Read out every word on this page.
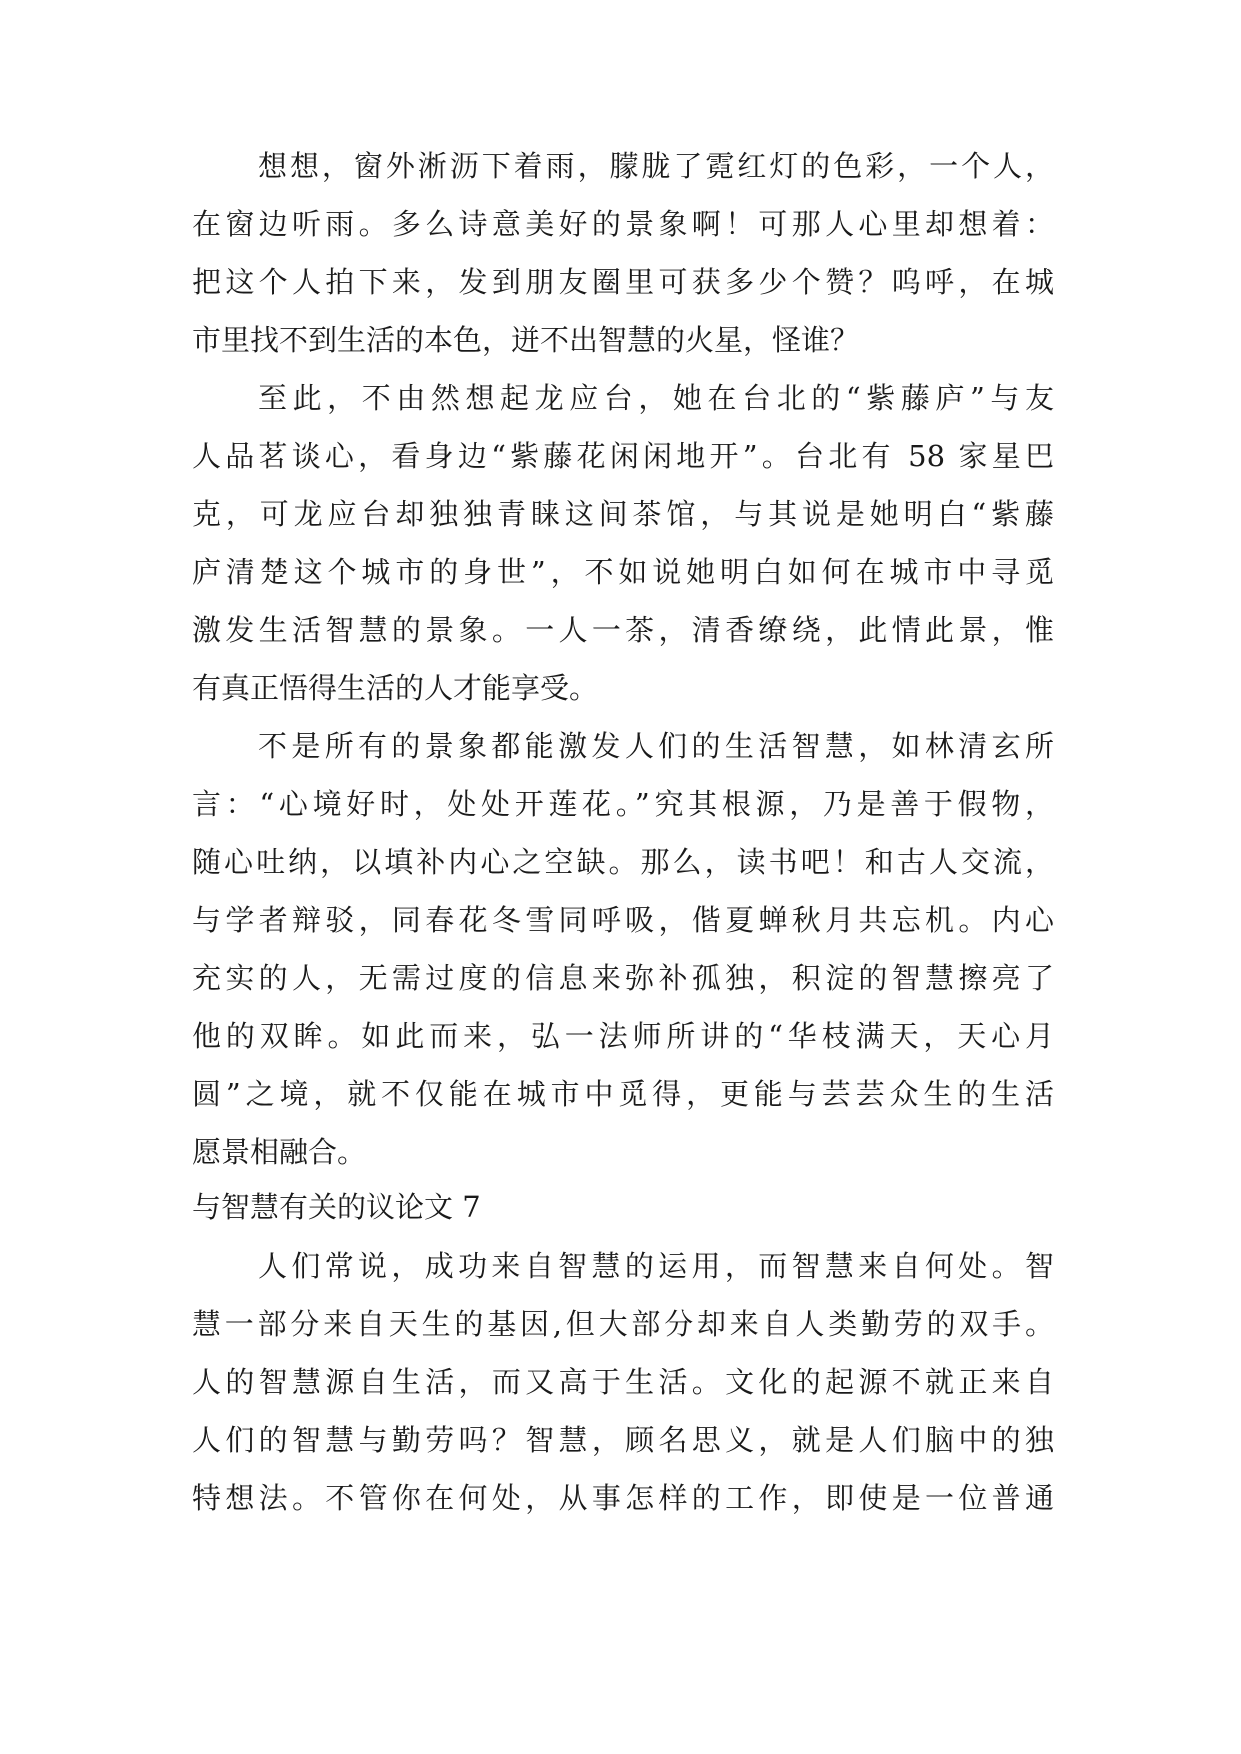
想想，窗外淅沥下着雨，朦胧了霓红灯的色彩，一个人，
在窗边听雨。多么诗意美好的景象啊！可那人心里却想着：
把这个人拍下来，发到朋友圈里可获多少个赞？呜呼，在城
市里找不到生活的本色，迸不出智慧的火星，怪谁？
至此，不由然想起龙应台，她在台北的“紫藤庐”与友
人品茗谈心，看身边“紫藤花闲闲地开”。台北有 58 家星巴
克，可龙应台却独独青睐这间茶馆，与其说是她明白“紫藤
庐清楚这个城市的身世”，不如说她明白如何在城市中寻觅
激发生活智慧的景象。一人一茶，清香缭绕，此情此景，惟
有真正悟得生活的人才能享受。
不是所有的景象都能激发人们的生活智慧，如林清玄所
言：“心境好时，处处开莲花。”究其根源，乃是善于假物，
随心吐纳，以填补内心之空缺。那么，读书吧！和古人交流，
与学者辩驳，同春花冬雪同呼吸，偕夏蝉秋月共忘机。内心
充实的人，无需过度的信息来弥补孤独，积淀的智慧擦亮了
他的双眸。如此而来，弘一法师所讲的“华枝满天，天心月
圆”之境，就不仅能在城市中觅得，更能与芸芸众生的生活
愿景相融合。
与智慧有关的议论文 7
人们常说，成功来自智慧的运用，而智慧来自何处。智
慧一部分来自天生的基因,但大部分却来自人类勤劳的双手。
人的智慧源自生活，而又高于生活。文化的起源不就正来自
人们的智慧与勤劳吗？智慧，顾名思义，就是人们脑中的独
特想法。不管你在何处，从事怎样的工作，即使是一位普通
